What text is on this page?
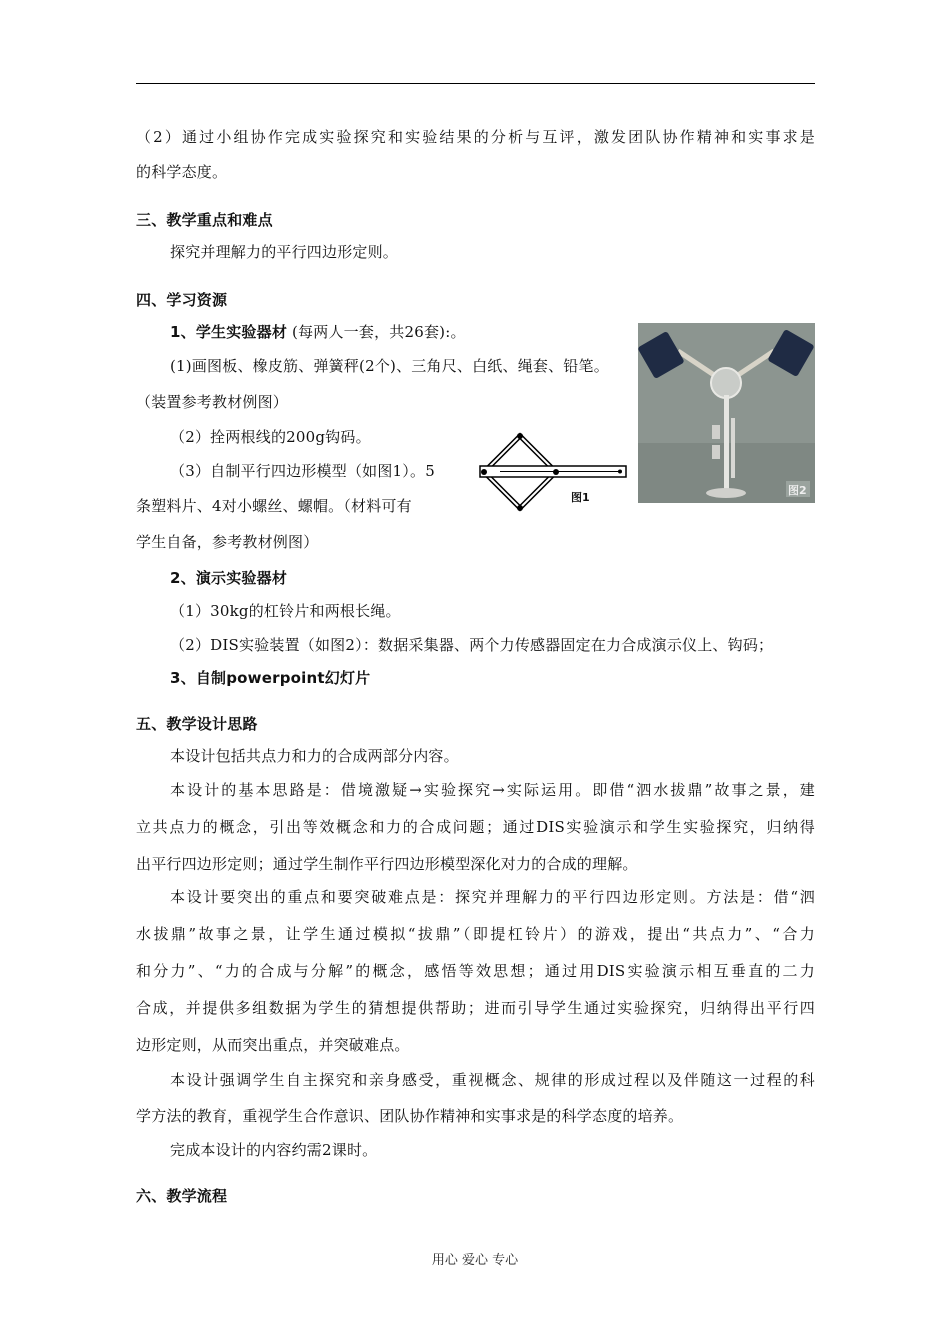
（2）通过小组协作完成实验探究和实验结果的分析与互评，激发团队协作精神和实事求是
的科学态度。
三、教学重点和难点
探究并理解力的平行四边形定则。
四、学习资源
1、学生实验器材 (每两人一套，共26套):。
(1)画图板、橡皮筋、弹簧秤(2个)、三角尺、白纸、绳套、铅笔。
（装置参考教材例图）
（2）拴两根线的200g钩码。
（3）自制平行四边形模型（如图1）。5
条塑料片、4对小螺丝、螺帽。（材料可有
学生自备，参考教材例图）
图1
图2
2、演示实验器材
（1）30kg的杠铃片和两根长绳。
（2）DIS实验装置（如图2）：数据采集器、两个力传感器固定在力合成演示仪上、钩码；
3、自制powerpoint幻灯片
五、教学设计思路
本设计包括共点力和力的合成两部分内容。
本设计的基本思路是：借境激疑→实验探究→实际运用。即借“泗水拔鼎”故事之景，建
立共点力的概念，引出等效概念和力的合成问题；通过DIS实验演示和学生实验探究，归纳得
出平行四边形定则；通过学生制作平行四边形模型深化对力的合成的理解。
本设计要突出的重点和要突破难点是：探究并理解力的平行四边形定则。方法是：借“泗
水拔鼎”故事之景，让学生通过模拟“拔鼎”（即提杠铃片）的游戏，提出“共点力”、“合力
和分力”、“力的合成与分解”的概念，感悟等效思想；通过用DIS实验演示相互垂直的二力
合成，并提供多组数据为学生的猜想提供帮助；进而引导学生通过实验探究，归纳得出平行四
边形定则，从而突出重点，并突破难点。
本设计强调学生自主探究和亲身感受，重视概念、规律的形成过程以及伴随这一过程的科
学方法的教育，重视学生合作意识、团队协作精神和实事求是的科学态度的培养。
完成本设计的内容约需2课时。
六、教学流程
用心 爱心 专心
